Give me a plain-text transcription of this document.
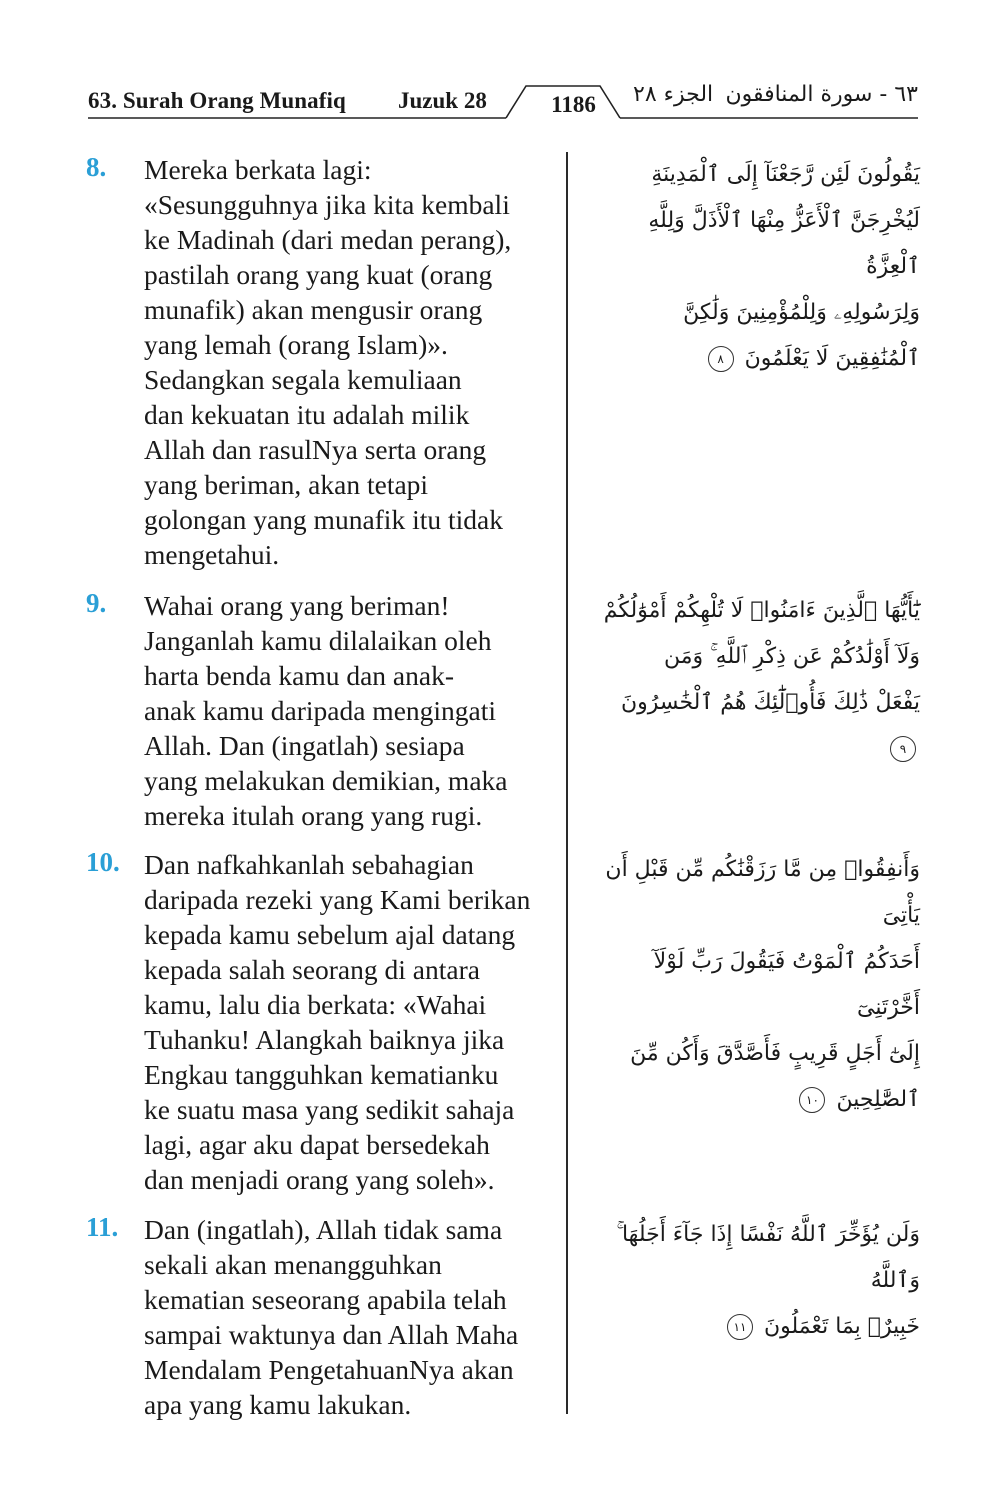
63. Surah Orang Munafiq Juzuk 28	1186	الجزء ٢٨ ٦٣ - سورة المنافقون
8. Mereka berkata lagi:
«Sesungguhnya jika kita kembali
ke Madinah (dari medan perang),
pastilah orang yang kuat (orang
munafik) akan mengusir orang
yang lemah (orang Islam)».
Sedangkan segala kemuliaan
dan kekuatan itu adalah milik
Allah dan rasulNya serta orang
yang beriman, akan tetapi
golongan yang munafik itu tidak
mengetahui.
يَقُولُونَ لَئِن رَّجَعْنَآ إِلَى ٱلْمَدِينَةِ
لَيُخْرِجَنَّ ٱلْأَعَزُّ مِنْهَا ٱلْأَذَلَّ وَلِلَّهِ ٱلْعِزَّةُ
وَلِرَسُولِهِۦ وَلِلْمُؤْمِنِينَ وَلَٰكِنَّ
ٱلْمُنَٰفِقِينَ لَا يَعْلَمُونَ ٨
9. Wahai orang yang beriman!
Janganlah kamu dilalaikan oleh
harta benda kamu dan anak-
anak kamu daripada mengingati
Allah. Dan (ingatlah) sesiapa
yang melakukan demikian, maka
mereka itulah orang yang rugi.
يَٰٓأَيُّهَا ٱلَّذِينَ ءَامَنُوا۟ لَا تُلْهِكُمْ أَمْوَٰلُكُمْ
وَلَآ أَوْلَٰدُكُمْ عَن ذِكْرِ ٱللَّهِ ۚ وَمَن
يَفْعَلْ ذَٰلِكَ فَأُو۟لَٰٓئِكَ هُمُ ٱلْخَٰسِرُونَ ٩
10. Dan nafkahkanlah sebahagian
daripada rezeki yang Kami berikan
kepada kamu sebelum ajal datang
kepada salah seorang di antara
kamu, lalu dia berkata: «Wahai
Tuhanku! Alangkah baiknya jika
Engkau tangguhkan kematianku
ke suatu masa yang sedikit sahaja
lagi, agar aku dapat bersedekah
dan menjadi orang yang soleh».
وَأَنفِقُوا۟ مِن مَّا رَزَقْنَٰكُم مِّن قَبْلِ أَن يَأْتِىَ
أَحَدَكُمُ ٱلْمَوْتُ فَيَقُولَ رَبِّ لَوْلَآ أَخَّرْتَنِىٓ
إِلَىٰٓ أَجَلٍ قَرِيبٍ فَأَصَّدَّقَ وَأَكُن مِّنَ
ٱلصَّٰلِحِينَ ١٠
11. Dan (ingatlah), Allah tidak sama
sekali akan menangguhkan
kematian seseorang apabila telah
sampai waktunya dan Allah Maha
Mendalam PengetahuanNya akan
apa yang kamu lakukan.
وَلَن يُؤَخِّرَ ٱللَّهُ نَفْسًا إِذَا جَآءَ أَجَلُهَا ۚ وَٱللَّهُ
خَبِيرٌۢ بِمَا تَعْمَلُونَ ١١
